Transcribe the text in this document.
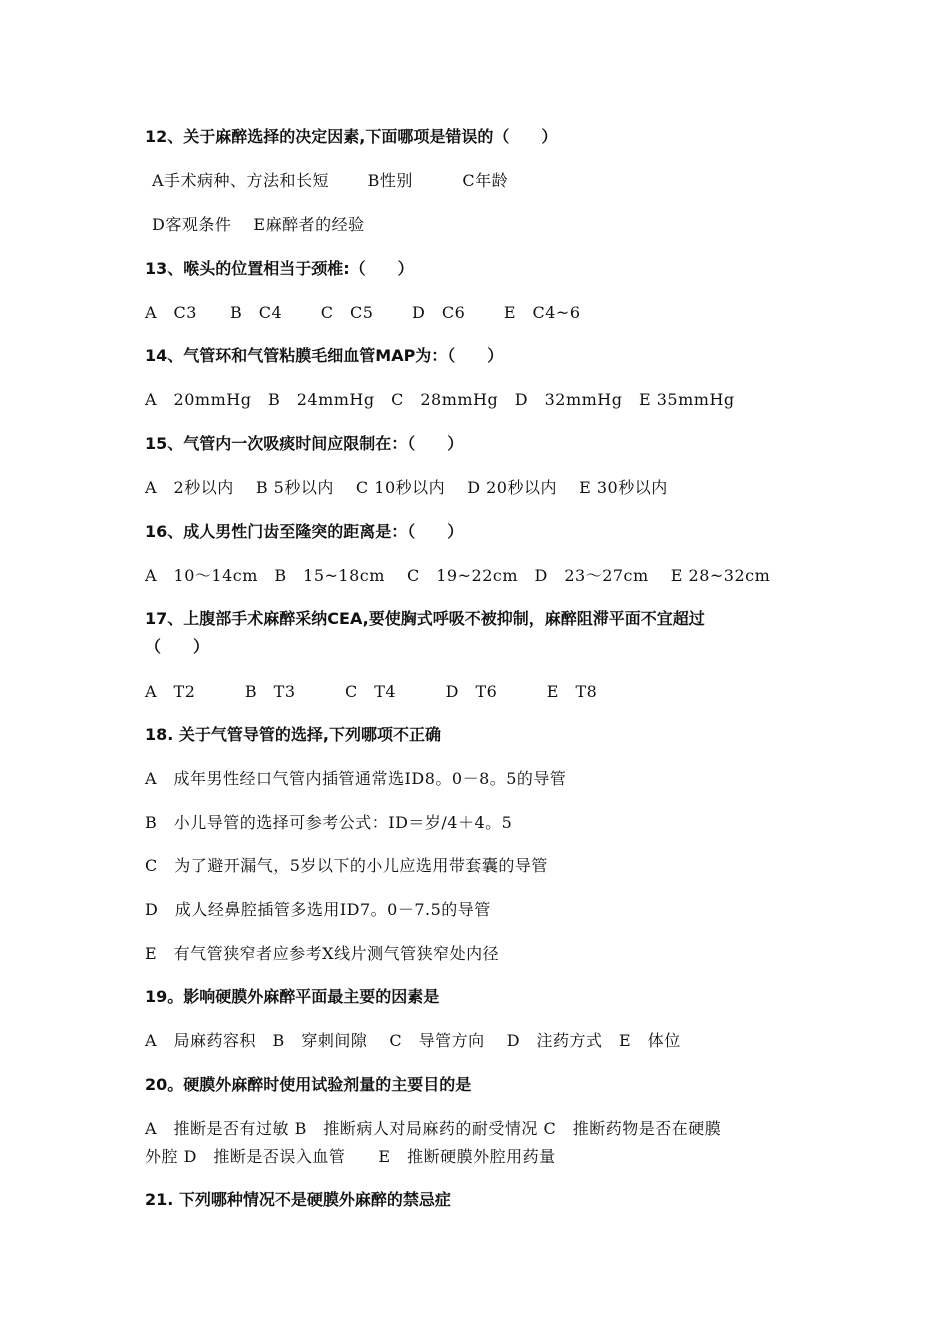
12、关于麻醉选择的决定因素,下面哪项是错误的（　　）
A手术病种、方法和长短　　 B性别　　　C年龄
D客观条件　 E麻醉者的经验
13、喉头的位置相当于颈椎:（　　）
A　C3　　B　C4　　 C　C5　　 D　C6　　 E　C4~6
14、气管环和气管粘膜毛细血管MAP为：（　　）
A　20mmHg　B　24mmHg　C　28mmHg　D　32mmHg　E 35mmHg
15、气管内一次吸痰时间应限制在：（　　）
A　2秒以内　 B 5秒以内　 C 10秒以内　 D 20秒以内　 E 30秒以内
16、成人男性门齿至隆突的距离是：（　　）
A　10～14cm　B　15~18cm　 C　19~22cm　D　23～27cm　 E 28~32cm
17、上腹部手术麻醉采纳CEA,要使胸式呼吸不被抑制，麻醉阻滞平面不宜超过
（　　）
A　T2　　　B　T3　　　C　T4　　　D　T6　　　E　T8
18. 关于气管导管的选择,下列哪项不正确
A　成年男性经口气管内插管通常选ID8。0－8。5的导管
B　小儿导管的选择可参考公式：ID＝岁/4＋4。5
C　为了避开漏气，5岁以下的小儿应选用带套囊的导管
D　成人经鼻腔插管多选用ID7。0－7.5的导管
E　有气管狭窄者应参考X线片测气管狭窄处内径
19。影响硬膜外麻醉平面最主要的因素是
A　局麻药容积　B　穿刺间隙　 C　导管方向　 D　注药方式　E　体位
20。硬膜外麻醉时使用试验剂量的主要目的是
A　推断是否有过敏 B　推断病人对局麻药的耐受情况 C　推断药物是否在硬膜
外腔 D　推断是否误入血管　　E　推断硬膜外腔用药量
21. 下列哪种情况不是硬膜外麻醉的禁忌症
